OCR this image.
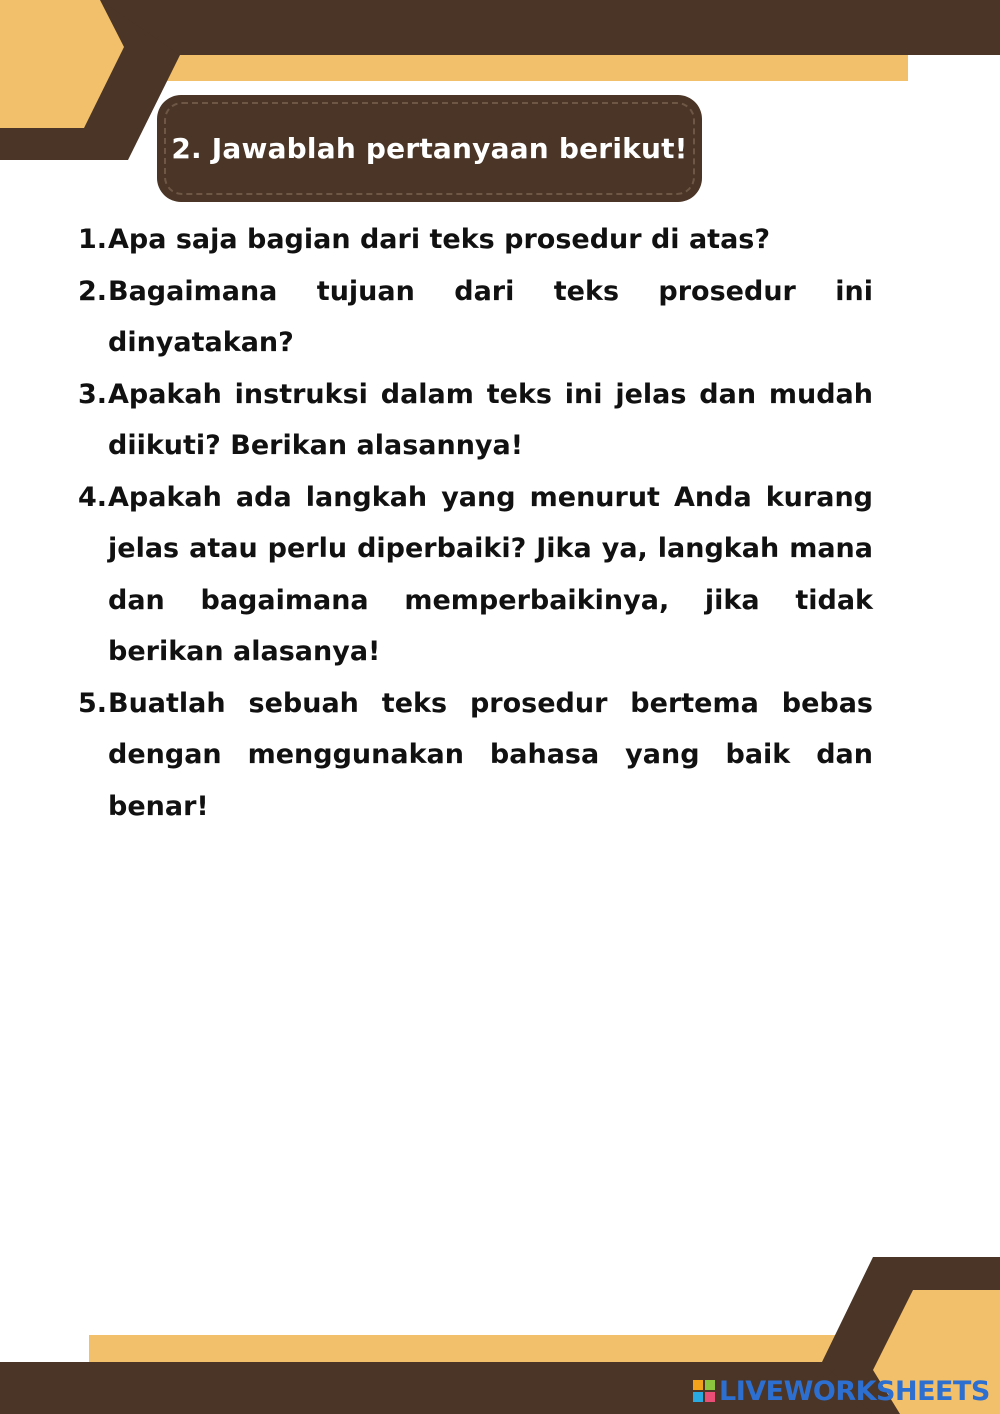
2. Jawablah pertanyaan berikut!
1. Apa saja bagian dari teks prosedur di atas?
2. Bagaimana tujuan dari teks prosedur ini dinyatakan?
3. Apakah instruksi dalam teks ini jelas dan mudah diikuti? Berikan alasannya!
4. Apakah ada langkah yang menurut Anda kurang jelas atau perlu diperbaiki? Jika ya, langkah mana dan bagaimana memperbaikinya, jika tidak berikan alasanya!
5. Buatlah sebuah teks prosedur bertema bebas dengan menggunakan bahasa yang baik dan benar!
LIVEWORKSHEETS
